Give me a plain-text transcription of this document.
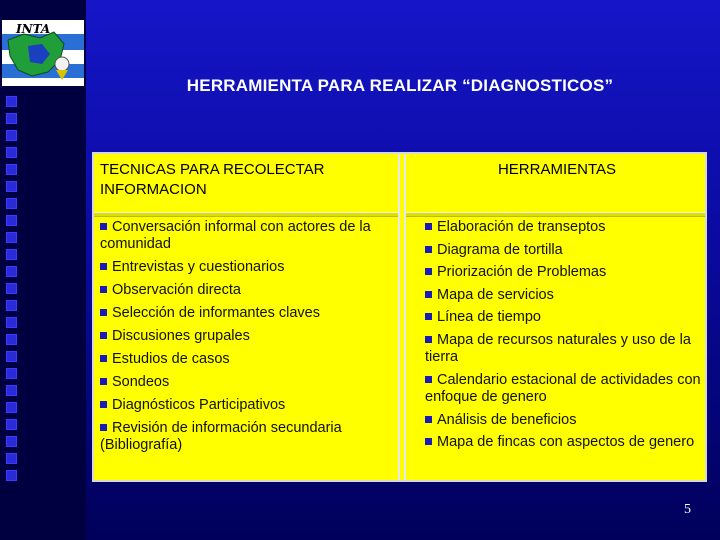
INTA
HERRAMIENTA PARA REALIZAR “DIAGNOSTICOS”
TECNICAS PARA RECOLECTAR INFORMACION
HERRAMIENTAS
Conversación informal con actores de la comunidad
Entrevistas y cuestionarios
Observación directa
Selección de informantes claves
Discusiones grupales
Estudios de casos
Sondeos
Diagnósticos Participativos
Revisión de información secundaria (Bibliografía)
Elaboración de transeptos
Diagrama de tortilla
Priorización de Problemas
Mapa de servicios
Línea de tiempo
Mapa de recursos naturales y uso de la tierra
Calendario estacional de actividades con enfoque de genero
Análisis de beneficios
Mapa de fincas con aspectos de genero
5
